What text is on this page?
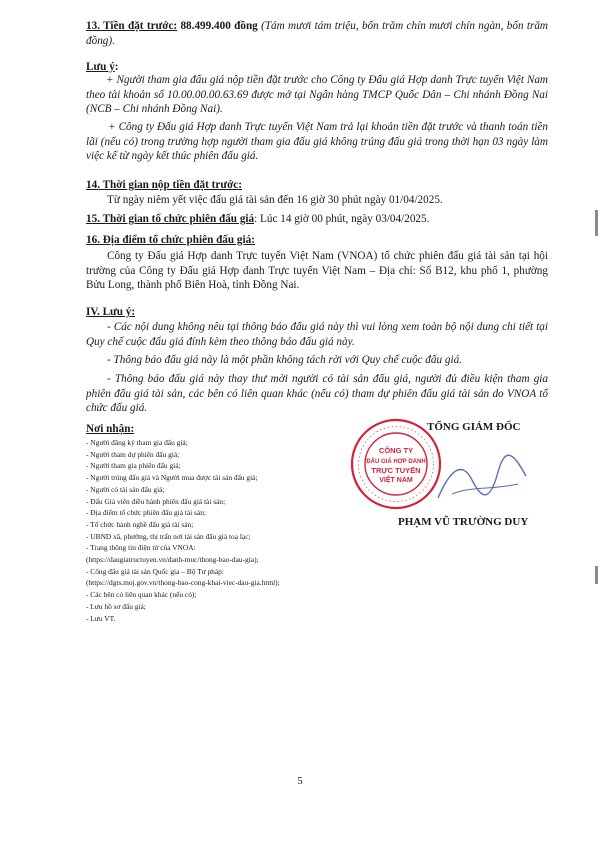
13. Tiền đặt trước: 88.499.400 đồng (Tám mươi tám triệu, bốn trăm chín mươi chín ngàn, bốn trăm đồng).
Lưu ý:
+ Người tham gia đấu giá nộp tiền đặt trước cho Công ty Đấu giá Hợp danh Trực tuyến Việt Nam theo tài khoản số 10.00.00.00.63.69 được mở tại Ngân hàng TMCP Quốc Dân – Chi nhánh Đồng Nai (NCB – Chi nhánh Đồng Nai).
+ Công ty Đấu giá Hợp danh Trực tuyến Việt Nam trả lại khoản tiền đặt trước và thanh toán tiền lãi (nếu có) trong trường hợp người tham gia đấu giá không trúng đấu giá trong thời hạn 03 ngày làm việc kể từ ngày kết thúc phiên đấu giá.
14. Thời gian nộp tiền đặt trước:
Từ ngày niêm yết việc đấu giá tài sản đến 16 giờ 30 phút ngày 01/04/2025.
15. Thời gian tổ chức phiên đấu giá: Lúc 14 giờ 00 phút, ngày 03/04/2025.
16. Địa điểm tổ chức phiên đấu giá:
Công ty Đấu giá Hợp danh Trực tuyến Việt Nam (VNOA) tổ chức phiên đấu giá tài sản tại hội trường của Công ty Đấu giá Hợp danh Trực tuyến Việt Nam – Địa chỉ: Số B12, khu phố 1, phường Bửu Long, thành phố Biên Hoà, tỉnh Đồng Nai.
IV. Lưu ý:
- Các nội dung không nêu tại thông báo đấu giá này thì vui lòng xem toàn bộ nội dung chi tiết tại Quy chế cuộc đấu giá đính kèm theo thông báo đấu giá này.
- Thông báo đấu giá này là một phần không tách rời với Quy chế cuộc đấu giá.
- Thông báo đấu giá này thay thư mời người có tài sản đấu giá, người đủ điều kiện tham gia phiên đấu giá tài sản, các bên có liên quan khác (nếu có) tham dự phiên đấu giá tài sản do VNOA tổ chức đấu giá.
Nơi nhận:
- Người đăng ký tham gia đấu giá;
- Người tham dự phiên đấu giá;
- Người tham gia phiên đấu giá;
- Người trúng đấu giá và Người mua được tài sản đấu giá;
- Người có tài sản đấu giá;
- Đấu Giá viên điều hành phiên đấu giá tài sản;
- Địa điểm tổ chức phiên đấu giá tài sản;
- Tổ chức hành nghề đấu giá tài sản;
- UBND xã, phường, thị trấn nơi tài sản đấu giá toạ lạc;
- Trang thông tin điện tử của VNOA:
(https://daugiatructuyen.vn/danh-muc/thong-bao-dau-gia);
- Cổng đấu giá tài sản Quốc gia – Bộ Tư pháp:
(https://dgts.moj.gov.vn/thong-bao-cong-khai-viec-dau-gia.html);
- Các bên có liên quan khác (nếu có);
- Lưu hồ sơ đấu giá;
- Lưu VT.
TỔNG GIÁM ĐỐC
CÔNG TY
ĐẤU GIÁ HỢP DANH
TRỰC TUYẾN
VIỆT NAM
PHẠM VŨ TRƯỜNG DUY
5
